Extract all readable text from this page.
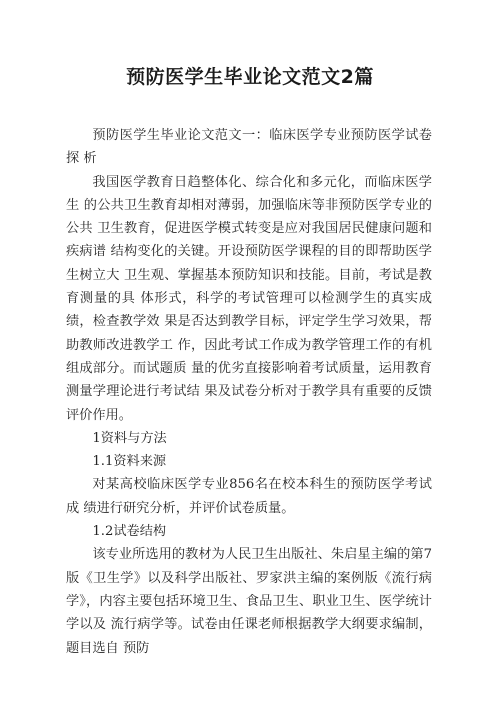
预防医学生毕业论文范文2篇

预防医学生毕业论文范文一：临床医学专业预防医学试卷探 析

我国医学教育日趋整体化、综合化和多元化，而临床医学生 的公共卫生教育却相对薄弱，加强临床等非预防医学专业的公共 卫生教育，促进医学模式转变是应对我国居民健康问题和疾病谱 结构变化的关键。开设预防医学课程的目的即帮助医学生树立大 卫生观、掌握基本预防知识和技能。目前，考试是教育测量的具 体形式，科学的考试管理可以检测学生的真实成绩，检查教学效 果是否达到教学目标，评定学生学习效果，帮助教师改进教学工 作，因此考试工作成为教学管理工作的有机组成部分。而试题质 量的优劣直接影响着考试质量，运用教育测量学理论进行考试结 果及试卷分析对于教学具有重要的反馈评价作用。

1资料与方法

1.1资料来源

对某高校临床医学专业856名在校本科生的预防医学考试成 绩进行研究分析，并评价试卷质量。

1.2试卷结构

该专业所选用的教材为人民卫生出版社、朱启星主编的第7 版《卫生学》以及科学出版社、罗家洪主编的案例版《流行病学》，内容主要包括环境卫生、食品卫生、职业卫生、医学统计学以及 流行病学等。试卷由任课老师根据教学大纲要求编制，题目选自 预防
